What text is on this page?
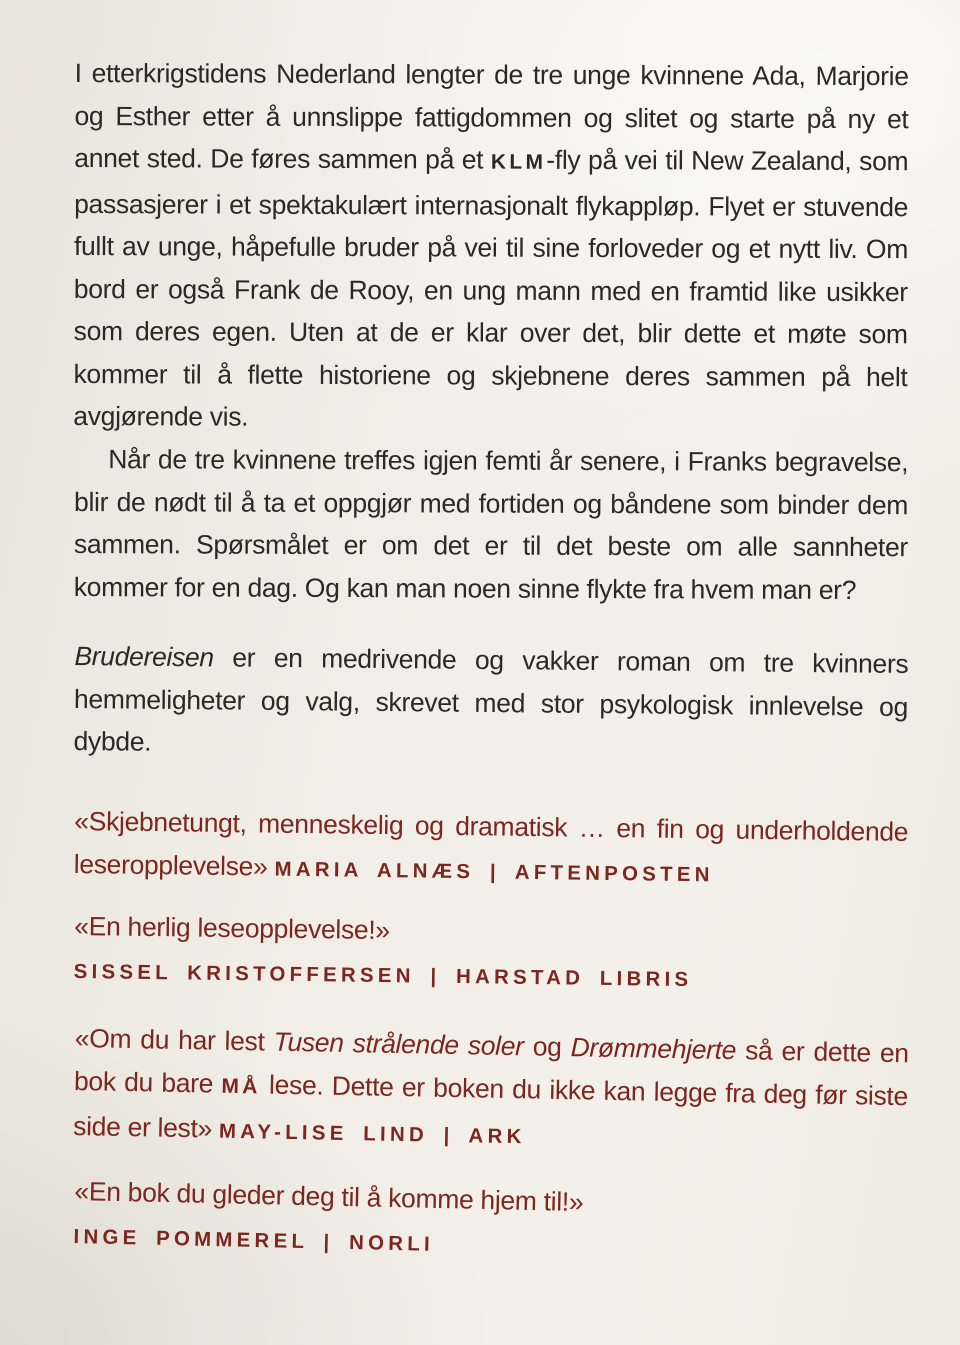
I etterkrigstidens Nederland lengter de tre unge kvinnene Ada, Marjorie og Esther etter å unnslippe fattigdommen og slitet og starte på ny et annet sted. De føres sammen på et KLM-fly på vei til New Zealand, som passasjerer i et spektakulært internasjonalt flykappløp. Flyet er stuvende fullt av unge, håpefulle bruder på vei til sine forloveder og et nytt liv. Om bord er også Frank de Rooy, en ung mann med en framtid like usikker som deres egen. Uten at de er klar over det, blir dette et møte som kommer til å flette historiene og skjebnene deres sammen på helt avgjørende vis.

Når de tre kvinnene treffes igjen femti år senere, i Franks begravelse, blir de nødt til å ta et oppgjør med fortiden og båndene som binder dem sammen. Spørsmålet er om det er til det beste om alle sannheter kommer for en dag. Og kan man noen sinne flykte fra hvem man er?

Brudereisen er en medrivende og vakker roman om tre kvinners hemmeligheter og valg, skrevet med stor psykologisk innlevelse og dybde.

«Skjebnetungt, menneskelig og dramatisk … en fin og underholdende leseropplevelse» MARIA ALNÆS | AFTENPOSTEN

«En herlig leseopplevelse!»
SISSEL KRISTOFFERSEN | HARSTAD LIBRIS

«Om du har lest Tusen strålende soler og Drømmehjerte så er dette en bok du bare MÅ lese. Dette er boken du ikke kan legge fra deg før siste side er lest» MAY-LISE LIND | ARK

«En bok du gleder deg til å komme hjem til!»
INGE POMMEREL | NORLI
